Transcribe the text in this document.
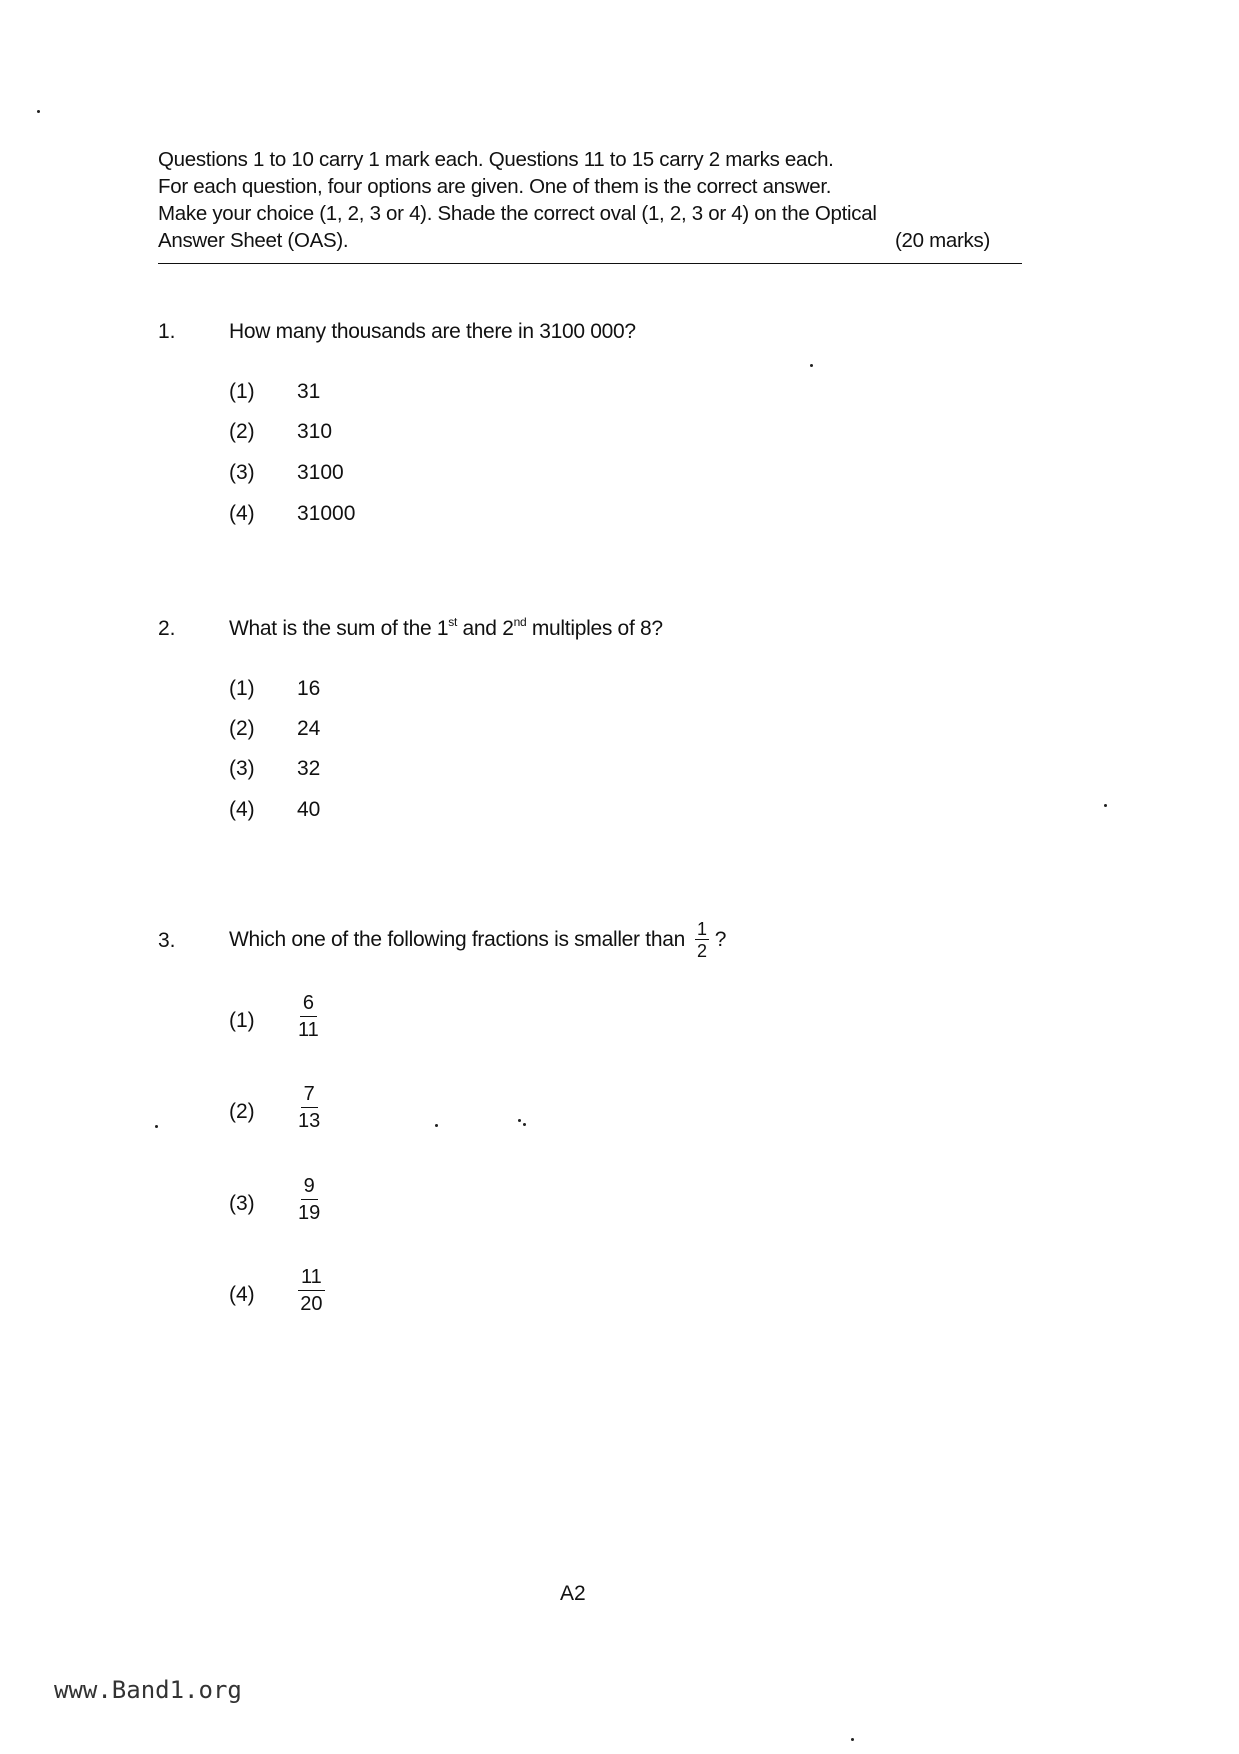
Questions 1 to 10 carry 1 mark each. Questions 11 to 15 carry 2 marks each.
For each question, four options are given. One of them is the correct answer.
Make your choice (1, 2, 3 or 4). Shade the correct oval (1, 2, 3 or 4) on the Optical
Answer Sheet (OAS).	(20 marks)
1.	How many thousands are there in 3100 000?
(1) 31
(2) 310
(3) 3100
(4) 31000
2.	What is the sum of the 1st and 2nd multiples of 8?
(1) 16
(2) 24
(3) 32
(4) 40
3.	Which one of the following fractions is smaller than $\frac{1}{2}$ ?
$(1) \frac{6}{11}$
$(2) \frac{7}{13}$
$(3) \frac{9}{19}$
$(4) \frac{11}{20}$
A2
www.Band1.org
